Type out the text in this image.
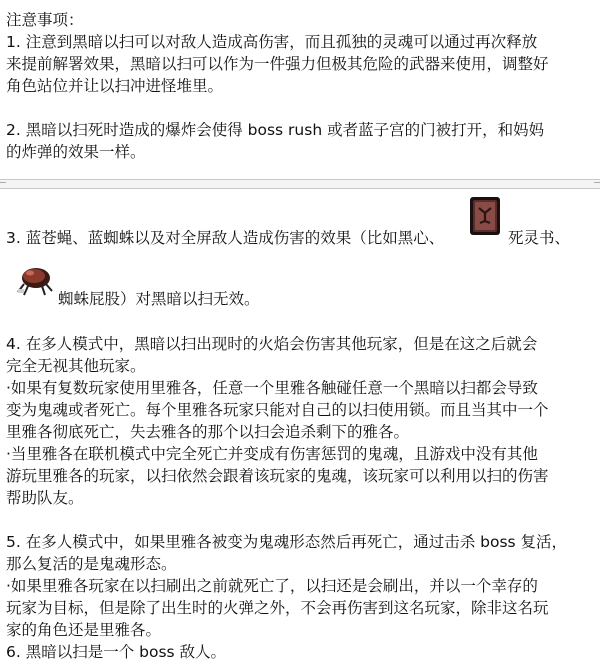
注意事项：
1. 注意到黑暗以扫可以对敌人造成高伤害，而且孤独的灵魂可以通过再次释放
来提前解署效果，黑暗以扫可以作为一件强力但极其危险的武器来使用，调整好
角色站位并让以扫冲进怪堆里。
2. 黑暗以扫死时造成的爆炸会使得 boss rush 或者蓝子宫的门被打开，和妈妈
的炸弹的效果一样。
3. 蓝苍蝇、蓝蜘蛛以及对全屏敌人造成伤害的效果（比如黑心、	死灵书、
蜘蛛屁股）对黑暗以扫无效。
4. 在多人模式中，黑暗以扫出现时的火焰会伤害其他玩家，但是在这之后就会
完全无视其他玩家。
·如果有复数玩家使用里雅各，任意一个里雅各触碰任意一个黑暗以扫都会导致
变为鬼魂或者死亡。每个里雅各玩家只能对自己的以扫使用锁。而且当其中一个
里雅各彻底死亡，失去雅各的那个以扫会追杀剩下的雅各。
·当里雅各在联机模式中完全死亡并变成有伤害惩罚的鬼魂，且游戏中没有其他
游玩里雅各的玩家，以扫依然会跟着该玩家的鬼魂，该玩家可以利用以扫的伤害
帮助队友。
5. 在多人模式中，如果里雅各被变为鬼魂形态然后再死亡，通过击杀 boss 复活，
那么复活的是鬼魂形态。
·如果里雅各玩家在以扫刷出之前就死亡了，以扫还是会刷出，并以一个幸存的
玩家为目标，但是除了出生时的火弹之外，不会再伤害到这名玩家，除非这名玩
家的角色还是里雅各。
6. 黑暗以扫是一个 boss 敌人。
